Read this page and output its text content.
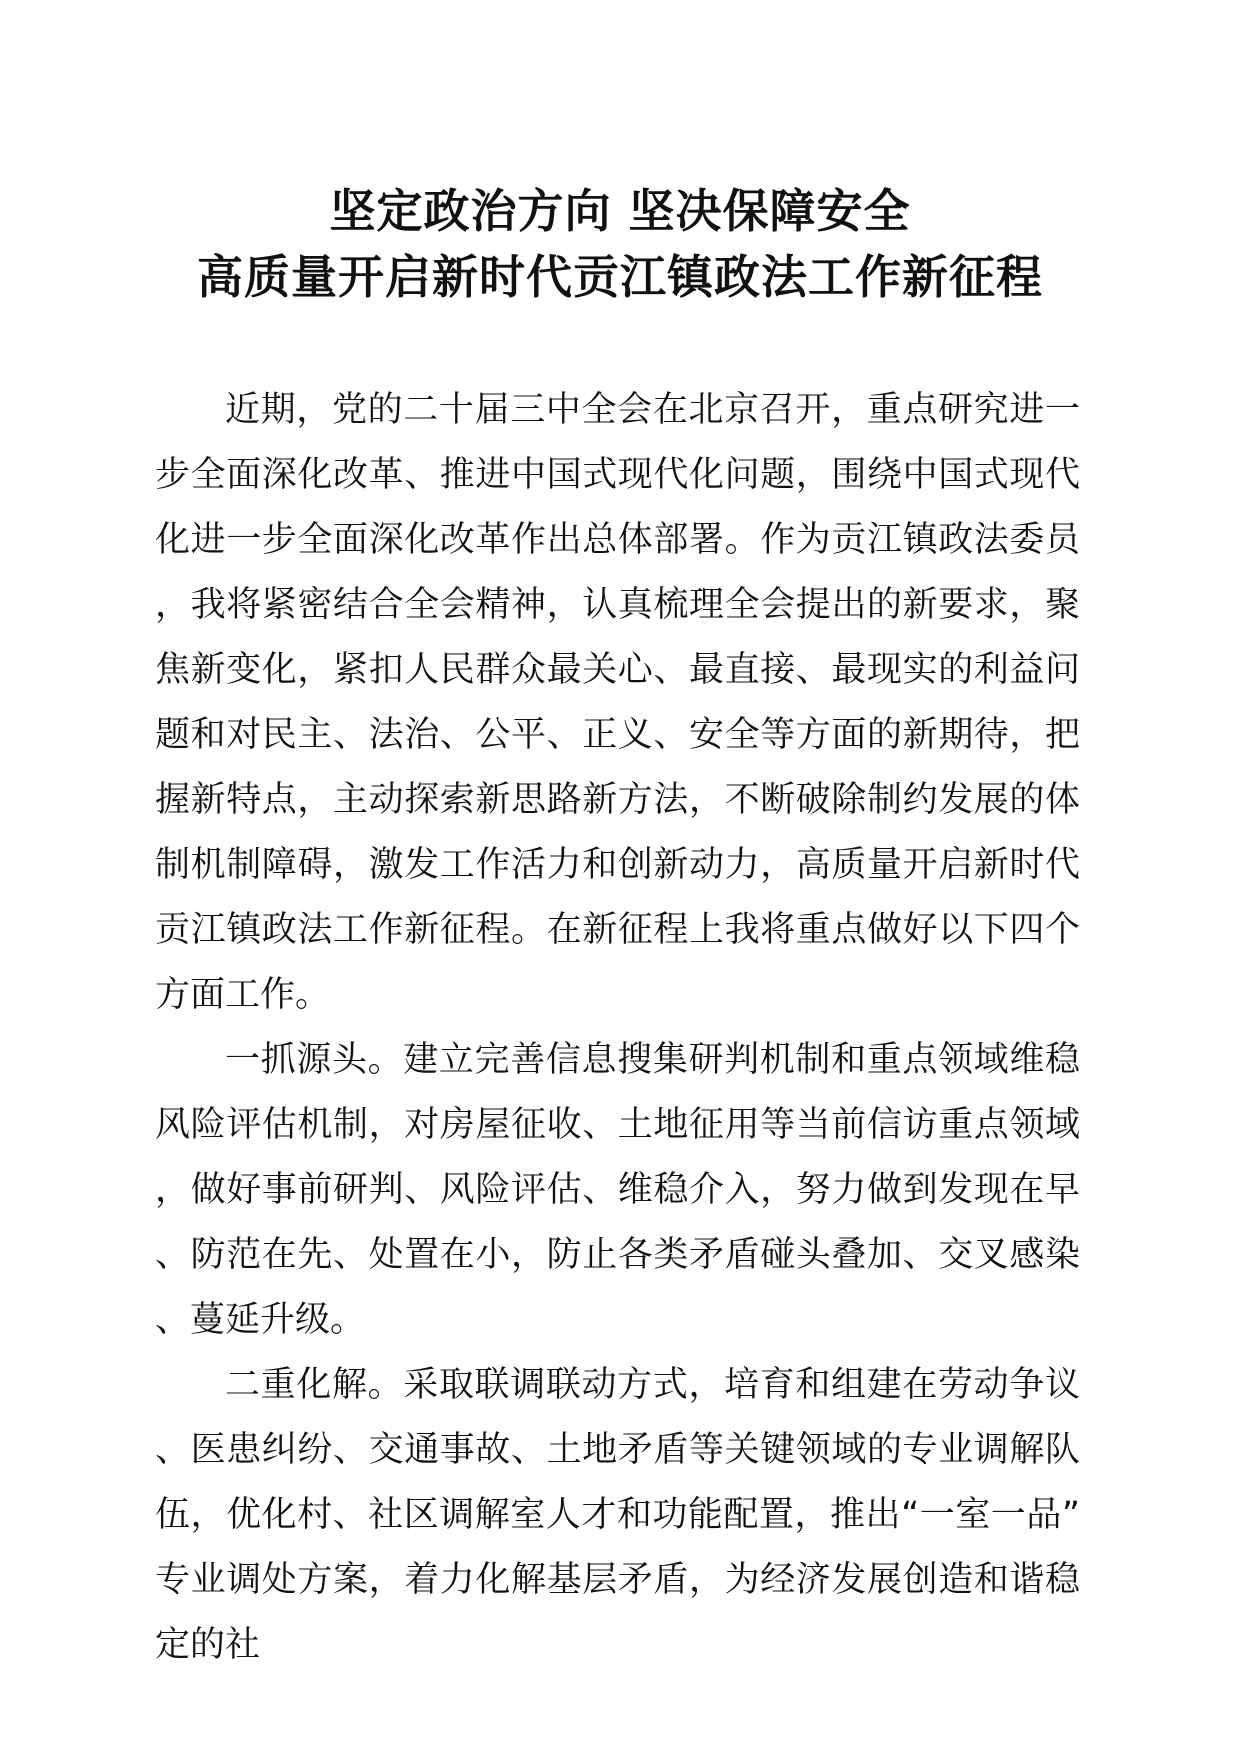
坚定政治方向 坚决保障安全
高质量开启新时代贡江镇政法工作新征程

近期，党的二十届三中全会在北京召开，重点研究进一步全面深化改革、推进中国式现代化问题，围绕中国式现代化进一步全面深化改革作出总体部署。作为贡江镇政法委员，我将紧密结合全会精神，认真梳理全会提出的新要求，聚焦新变化，紧扣人民群众最关心、最直接、最现实的利益问题和对民主、法治、公平、正义、安全等方面的新期待，把握新特点，主动探索新思路新方法，不断破除制约发展的体制机制障碍，激发工作活力和创新动力，高质量开启新时代贡江镇政法工作新征程。在新征程上我将重点做好以下四个方面工作。

一抓源头。建立完善信息搜集研判机制和重点领域维稳风险评估机制，对房屋征收、土地征用等当前信访重点领域，做好事前研判、风险评估、维稳介入，努力做到发现在早、防范在先、处置在小，防止各类矛盾碰头叠加、交叉感染、蔓延升级。

二重化解。采取联调联动方式，培育和组建在劳动争议、医患纠纷、交通事故、土地矛盾等关键领域的专业调解队伍，优化村、社区调解室人才和功能配置，推出“一室一品”专业调处方案，着力化解基层矛盾，为经济发展创造和谐稳定的社
